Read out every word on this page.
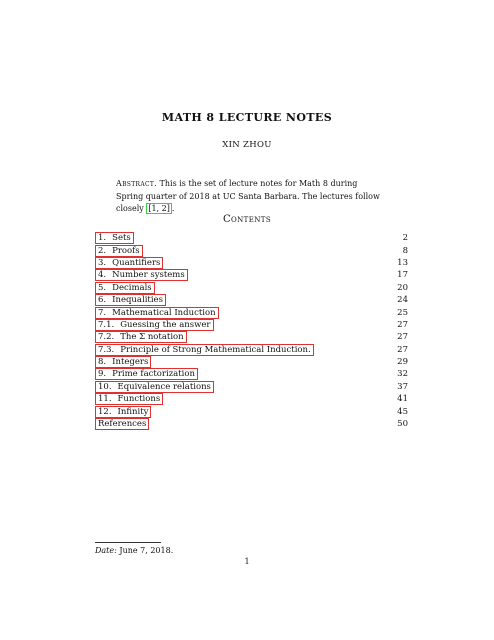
MATH 8 LECTURE NOTES
XIN ZHOU
Abstract. This is the set of lecture notes for Math 8 during Spring quarter of 2018 at UC Santa Barbara. The lectures follow closely [1, 2] .
Contents
1. Sets	2
2. Proofs	8
3. Quantifiers	13
4. Number systems	17
5. Decimals	20
6. Inequalities	24
7. Mathematical Induction	25
7.1. Guessing the answer	27
7.2. The Σ notation	27
7.3. Principle of Strong Mathematical Induction.	27
8. Integers	29
9. Prime factorization	32
10. Equivalence relations	37
11. Functions	41
12. Infinity	45
References	50
Date: June 7, 2018.
1
